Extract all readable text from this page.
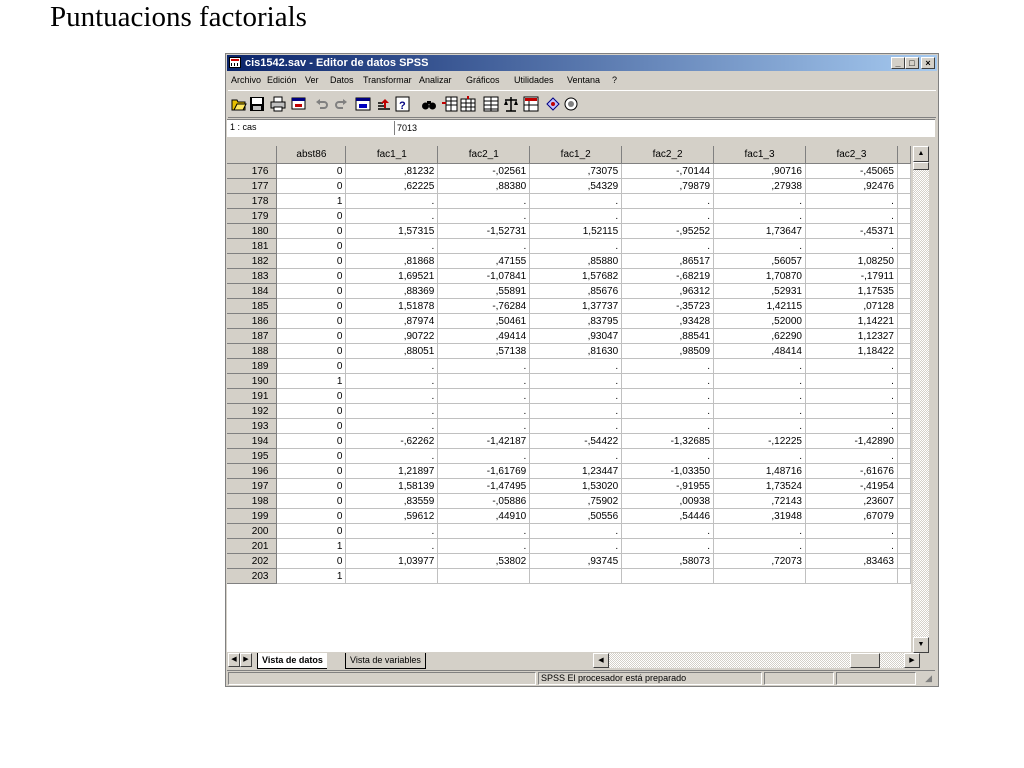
Puntuacions factorials
cis1542.sav - Editor de datos SPSS	_ □	×
Archivo Edición Ver Datos Transformar Analizar Gráficos Utilidades Ventana ?
?
1 : cas	7013
	abst86	fac1_1	fac2_1	fac1_2	fac2_2	fac1_3	fac2_3	
176	0	,81232	-,02561	,73075	-,70144	,90716	-,45065	
177	0	,62225	,88380	,54329	,79879	,27938	,92476	
178	1	.	.	.	.	.	.	
179	0	.	.	.	.	.	.	
180	0	1,57315	-1,52731	1,52115	-,95252	1,73647	-,45371	
181	0	.	.	.	.	.	.	
182	0	,81868	,47155	,85880	,86517	,56057	1,08250	
183	0	1,69521	-1,07841	1,57682	-,68219	1,70870	-,17911	
184	0	,88369	,55891	,85676	,96312	,52931	1,17535	
185	0	1,51878	-,76284	1,37737	-,35723	1,42115	,07128	
186	0	,87974	,50461	,83795	,93428	,52000	1,14221	
187	0	,90722	,49414	,93047	,88541	,62290	1,12327	
188	0	,88051	,57138	,81630	,98509	,48414	1,18422	
189	0	.	.	.	.	.	.	
190	1	.	.	.	.	.	.	
191	0	.	.	.	.	.	.	
192	0	.	.	.	.	.	.	
193	0	.	.	.	.	.	.	
194	0	-,62262	-1,42187	-,54422	-1,32685	-,12225	-1,42890	
195	0	.	.	.	.	.	.	
196	0	1,21897	-1,61769	1,23447	-1,03350	1,48716	-,61676	
197	0	1,58139	-1,47495	1,53020	-,91955	1,73524	-,41954	
198	0	,83559	-,05886	,75902	,00938	,72143	,23607	
199	0	,59612	,44910	,50556	,54446	,31948	,67079	
200	0	.	.	.	.	.	.	
201	1	.	.	.	.	.	.	
202	0	1,03977	,53802	,93745	,58073	,72073	,83463	
203	1							
▲
▼
◀ ▶	Vista de datos	Vista de variables	◀	▶
SPSS El procesador está preparado	◢
